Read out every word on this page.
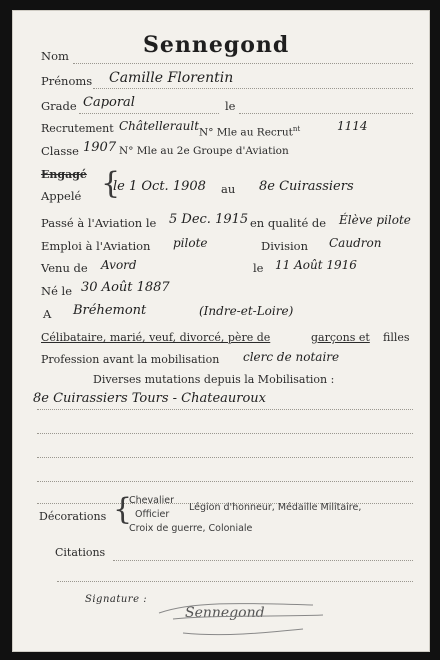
Nom	Sennegond
Prénoms Camille Florentin
Grade Caporal	le
Recrutement Châtellerault N° Mle au Recrut$^{nt}$	1114
Classe 1907 N° Mle au 2e Groupe d'Aviation
Engagé
Appelé {
le 1 Oct. 1908 au 8e Cuirassiers
Passé à l'Aviation le 5 Dec. 1915 en qualité de Élève pilote
Emploi à l'Aviation pilote	Division Caudron
Venu de Avord	le 11 Août 1916
Né le 30 Août 1887
A Bréhemont	(Indre-et-Loire)
Célibataire, marié, veuf, divorcé, père de	garçons et filles
Profession avant la mobilisation clerc de notaire
Diverses mutations depuis la Mobilisation :
8e Cuirassiers Tours - Chateauroux
Décorations {
Chevalier
Officier
Croix de guerre, Coloniale
Légion d'honneur, Médaille Militaire,
Citations
Signature :
Sennegond
